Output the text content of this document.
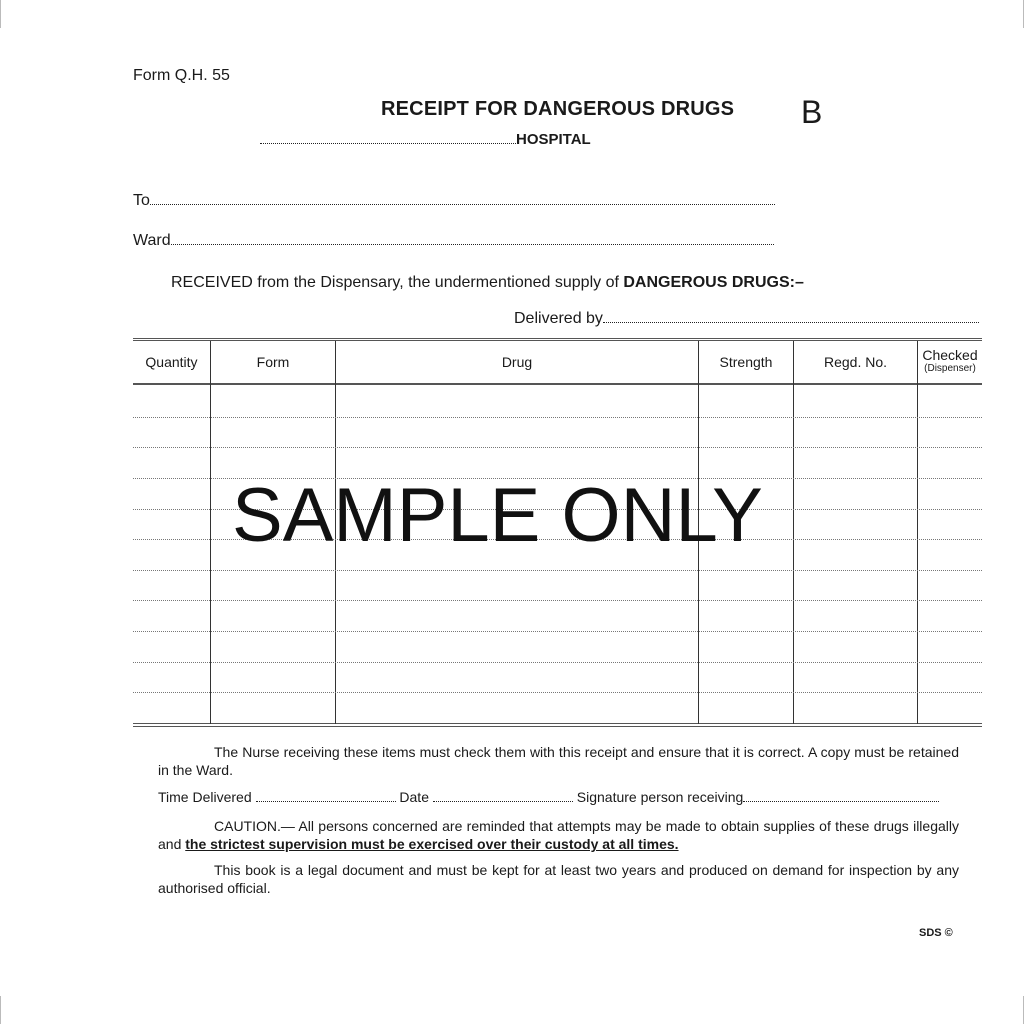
Form Q.H. 55
RECEIPT FOR DANGEROUS DRUGS B
HOSPITAL
To
Ward
RECEIVED from the Dispensary, the undermentioned supply of DANGEROUS DRUGS:–
Delivered by
Quantity	Form	Drug	Strength	Regd. No.	Checked
(Dispenser)
SAMPLE ONLY
The Nurse receiving these items must check them with this receipt and ensure that it is correct. A copy must be retained in the Ward.
Time Delivered	Date	Signature person receiving
CAUTION.— All persons concerned are reminded that attempts may be made to obtain supplies of these drugs illegally and the strictest supervision must be exercised over their custody at all times.
This book is a legal document and must be kept for at least two years and produced on demand for inspection by any authorised official.
SDS ©
